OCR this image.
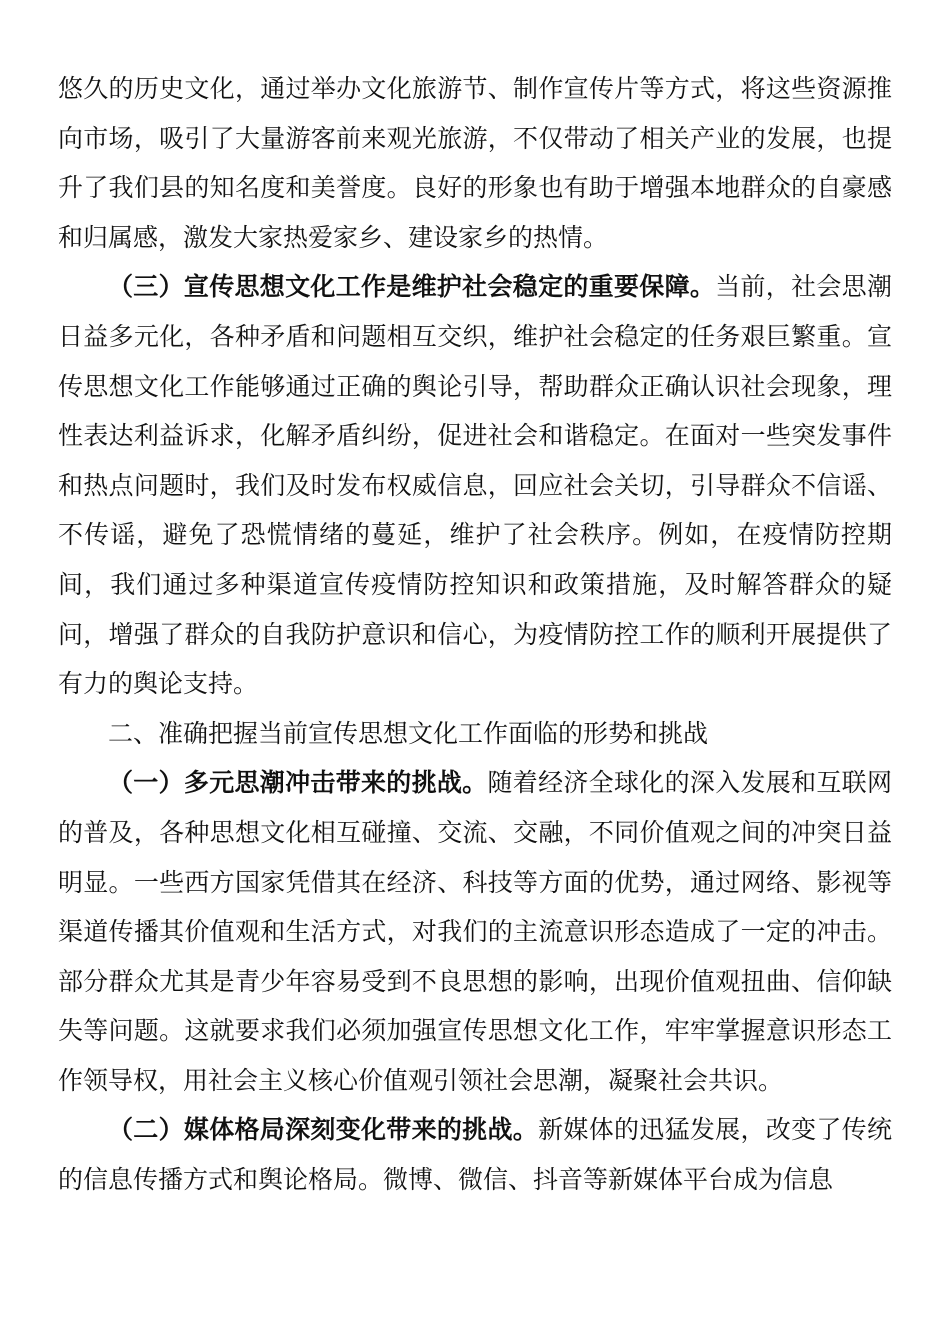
悠久的历史文化，通过举办文化旅游节、制作宣传片等方式，将这些资源推向市场，吸引了大量游客前来观光旅游，不仅带动了相关产业的发展，也提升了我们县的知名度和美誉度。良好的形象也有助于增强本地群众的自豪感和归属感，激发大家热爱家乡、建设家乡的热情。

（三）宣传思想文化工作是维护社会稳定的重要保障。当前，社会思潮日益多元化，各种矛盾和问题相互交织，维护社会稳定的任务艰巨繁重。宣传思想文化工作能够通过正确的舆论引导，帮助群众正确认识社会现象，理性表达利益诉求，化解矛盾纠纷，促进社会和谐稳定。在面对一些突发事件和热点问题时，我们及时发布权威信息，回应社会关切，引导群众不信谣、不传谣，避免了恐慌情绪的蔓延，维护了社会秩序。例如，在疫情防控期间，我们通过多种渠道宣传疫情防控知识和政策措施，及时解答群众的疑问，增强了群众的自我防护意识和信心，为疫情防控工作的顺利开展提供了有力的舆论支持。

二、准确把握当前宣传思想文化工作面临的形势和挑战

（一）多元思潮冲击带来的挑战。随着经济全球化的深入发展和互联网的普及，各种思想文化相互碰撞、交流、交融，不同价值观之间的冲突日益明显。一些西方国家凭借其在经济、科技等方面的优势，通过网络、影视等渠道传播其价值观和生活方式，对我们的主流意识形态造成了一定的冲击。部分群众尤其是青少年容易受到不良思想的影响，出现价值观扭曲、信仰缺失等问题。这就要求我们必须加强宣传思想文化工作，牢牢掌握意识形态工作领导权，用社会主义核心价值观引领社会思潮，凝聚社会共识。

（二）媒体格局深刻变化带来的挑战。新媒体的迅猛发展，改变了传统的信息传播方式和舆论格局。微博、微信、抖音等新媒体平台成为信息
